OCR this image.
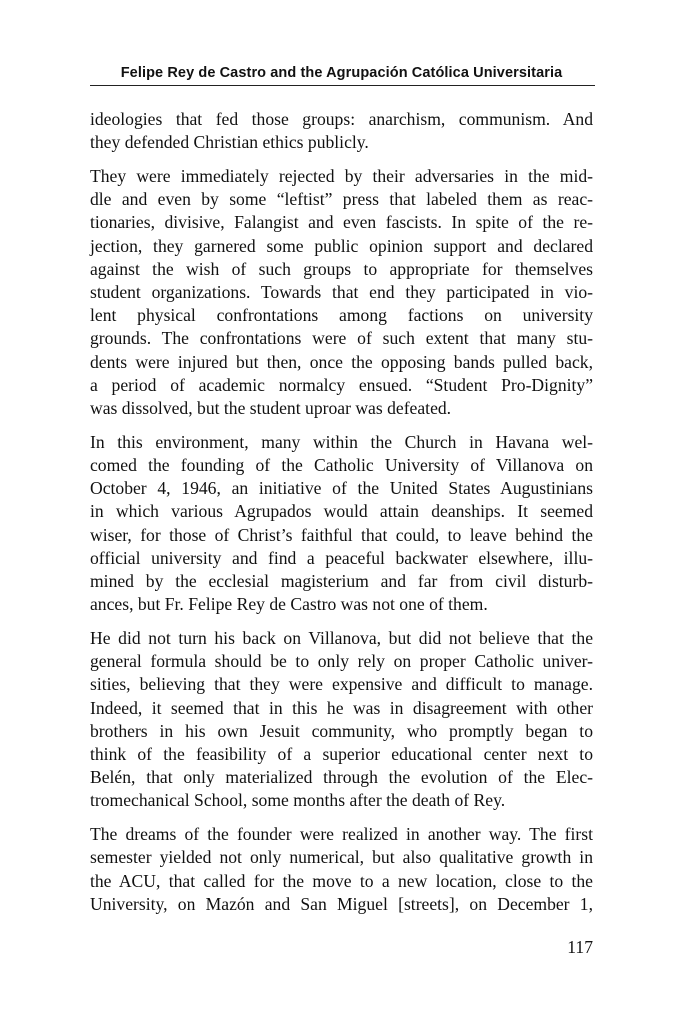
Felipe Rey de Castro and the Agrupación Católica Universitaria

ideologies that fed those groups: anarchism, communism. And
they defended Christian ethics publicly.

They were immediately rejected by their adversaries in the mid-
dle and even by some “leftist” press that labeled them as reac-
tionaries, divisive, Falangist and even fascists. In spite of the re-
jection, they garnered some public opinion support and declared
against the wish of such groups to appropriate for themselves
student organizations. Towards that end they participated in vio-
lent physical confrontations among factions on university
grounds. The confrontations were of such extent that many stu-
dents were injured but then, once the opposing bands pulled back,
a period of academic normalcy ensued. “Student Pro-Dignity”
was dissolved, but the student uproar was defeated.

In this environment, many within the Church in Havana wel-
comed the founding of the Catholic University of Villanova on
October 4, 1946, an initiative of the United States Augustinians
in which various Agrupados would attain deanships. It seemed
wiser, for those of Christ’s faithful that could, to leave behind the
official university and find a peaceful backwater elsewhere, illu-
mined by the ecclesial magisterium and far from civil disturb-
ances, but Fr. Felipe Rey de Castro was not one of them.

He did not turn his back on Villanova, but did not believe that the
general formula should be to only rely on proper Catholic univer-
sities, believing that they were expensive and difficult to manage.
Indeed, it seemed that in this he was in disagreement with other
brothers in his own Jesuit community, who promptly began to
think of the feasibility of a superior educational center next to
Belén, that only materialized through the evolution of the Elec-
tromechanical School, some months after the death of Rey.

The dreams of the founder were realized in another way. The first
semester yielded not only numerical, but also qualitative growth in
the ACU, that called for the move to a new location, close to the
University, on Mazón and San Miguel [streets], on December 1,

117
